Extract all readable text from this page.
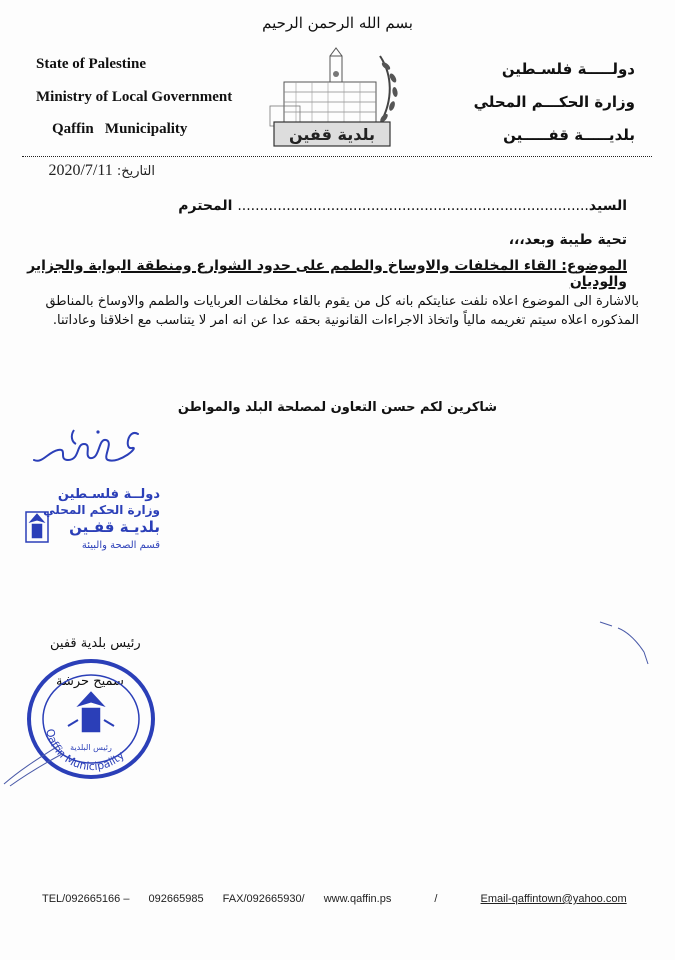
بسم الله الرحمن الرحيم
State of Palestine
Ministry of Local Government
Qaffin   Municipality
دولـــــة فلسـطين
وزارة الحكـــم المحلي
بلديـــــة قفـــــين
بلدية قفين
التاريخ: 2020/7/11
السيد............................................................................... المحترم
تحية طيبة وبعد،،،
الموضوع: القاء المخلفات والاوساخ والطمم على حدود الشوارع ومنطقة البوابة والجزاير والوديان
بالاشارة الى الموضوع اعلاه نلفت عنايتكم بانه كل من يقوم بالقاء مخلفات العربايات والطمم والاوساخ بالمناطق المذكوره اعلاه سيتم تغريمه مالياً واتخاذ الاجراءات القانونية بحقه عدا عن انه امر لا يتناسب مع اخلاقنا وعاداتنا.
شاكرين لكم حسن التعاون لمصلحة البلد والمواطن
دولــة فلسـطين
وزارة الحكم المحلي
بلديـة قفـين
قسم الصحة والبيئة
رئيس بلدية قفين
سميح حرشة
Qaffin Municipality
رئيس البلدية
TEL/092665166 – 092665985 FAX/092665930/ www.qaffin.ps	/	Email-qaffintown@yahoo.com
